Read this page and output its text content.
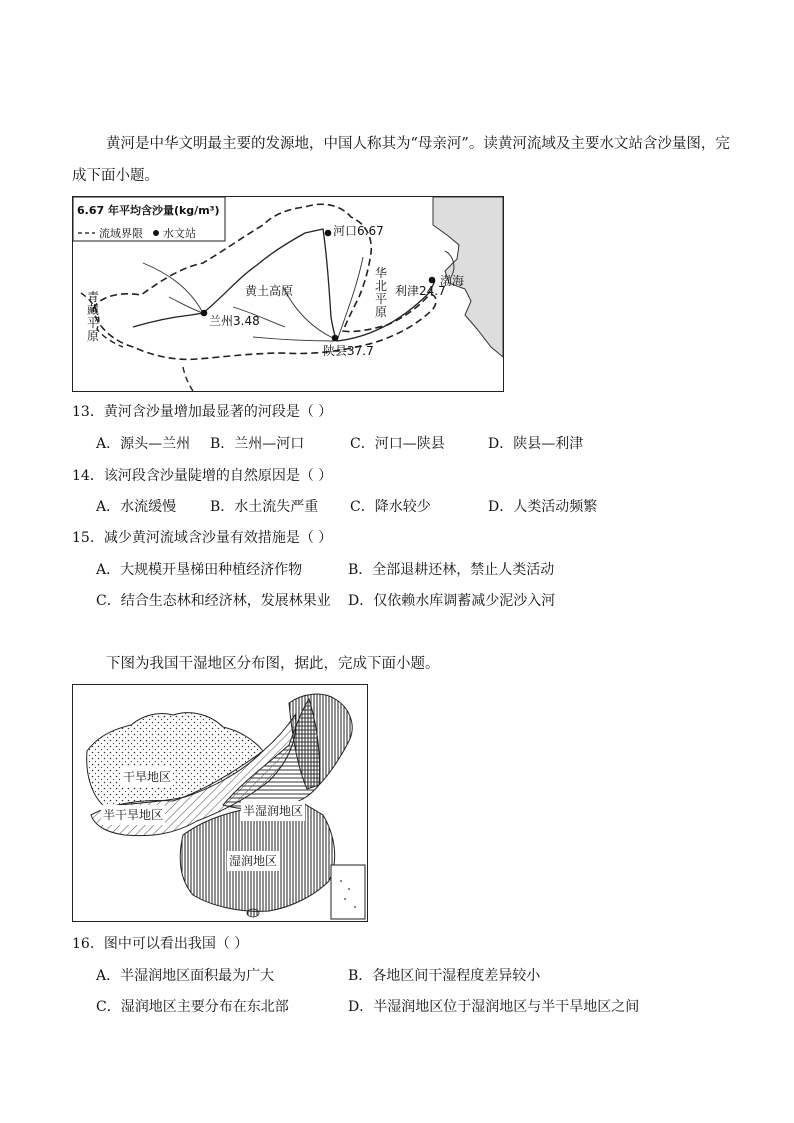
黄河是中华文明最主要的发源地，中国人称其为“母亲河”。读黄河流域及主要水文站含沙量图，完成下面小题。
6.67 年平均含沙量(kg/m³)
流域界限 水文站
黄土高原
渤海
青藏平原
华北平原
河口6.67
兰州3.48
陕县37.7
利津24.7
13．黄河含沙量增加最显著的河段是（ ）
A．源头—兰州 B．兰州—河口	C．河口—陕县	D．陕县—利津
14．该河段含沙量陡增的自然原因是（ ）
A．水流缓慢 B．水土流失严重 C．降水较少	D．人类活动频繁
15．减少黄河流域含沙量有效措施是（ ）
A．大规模开垦梯田种植经济作物	B．全部退耕还林，禁止人类活动
C．结合生态林和经济林，发展林果业 D．仅依赖水库调蓄减少泥沙入河
下图为我国干湿地区分布图，据此，完成下面小题。
干旱地区
半干旱地区	半湿润地区
湿润地区
16．图中可以看出我国（ ）
A．半湿润地区面积最为广大	B．各地区间干湿程度差异较小
C．湿润地区主要分布在东北部	D．半湿润地区位于湿润地区与半干旱地区之间
